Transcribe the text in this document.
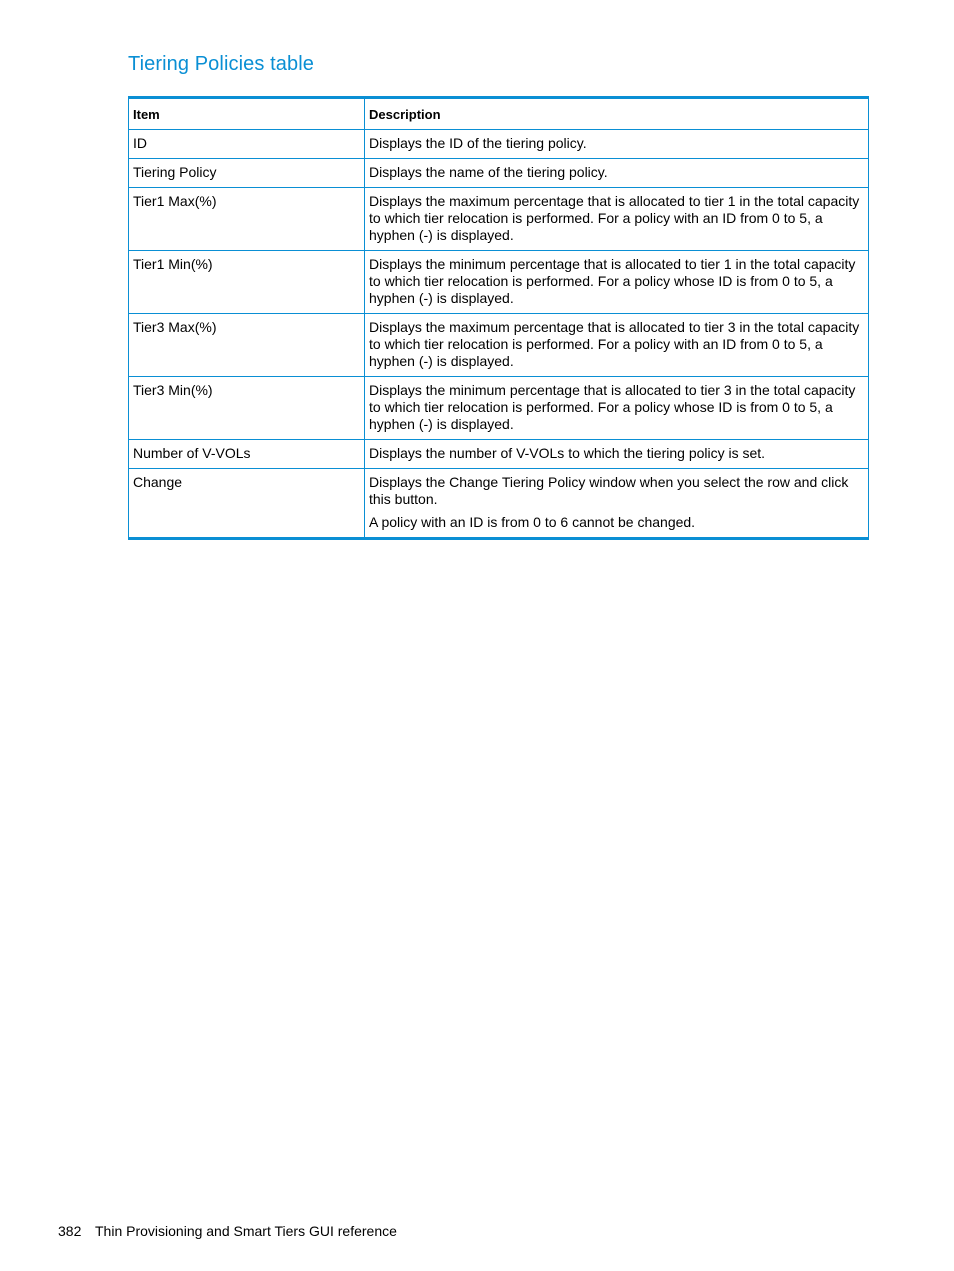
Tiering Policies table
Item	Description
ID	Displays the ID of the tiering policy.

Tiering Policy	Displays the name of the tiering policy.

Tier1 Max(%)	Displays the maximum percentage that is allocated to tier 1 in the total capacity to which tier relocation is performed. For a policy with an ID from 0 to 5, a hyphen (-) is displayed.

Tier1 Min(%)	Displays the minimum percentage that is allocated to tier 1 in the total capacity to which tier relocation is performed. For a policy whose ID is from 0 to 5, a hyphen (-) is displayed.

Tier3 Max(%)	Displays the maximum percentage that is allocated to tier 3 in the total capacity to which tier relocation is performed. For a policy with an ID from 0 to 5, a hyphen (-) is displayed.

Tier3 Min(%)	Displays the minimum percentage that is allocated to tier 3 in the total capacity to which tier relocation is performed. For a policy whose ID is from 0 to 5, a hyphen (-) is displayed.

Number of V-VOLs	Displays the number of V-VOLs to which the tiering policy is set.

Change	Displays the Change Tiering Policy window when you select the row and click this button.

A policy with an ID is from 0 to 6 cannot be changed.

382 Thin Provisioning and Smart Tiers GUI reference
